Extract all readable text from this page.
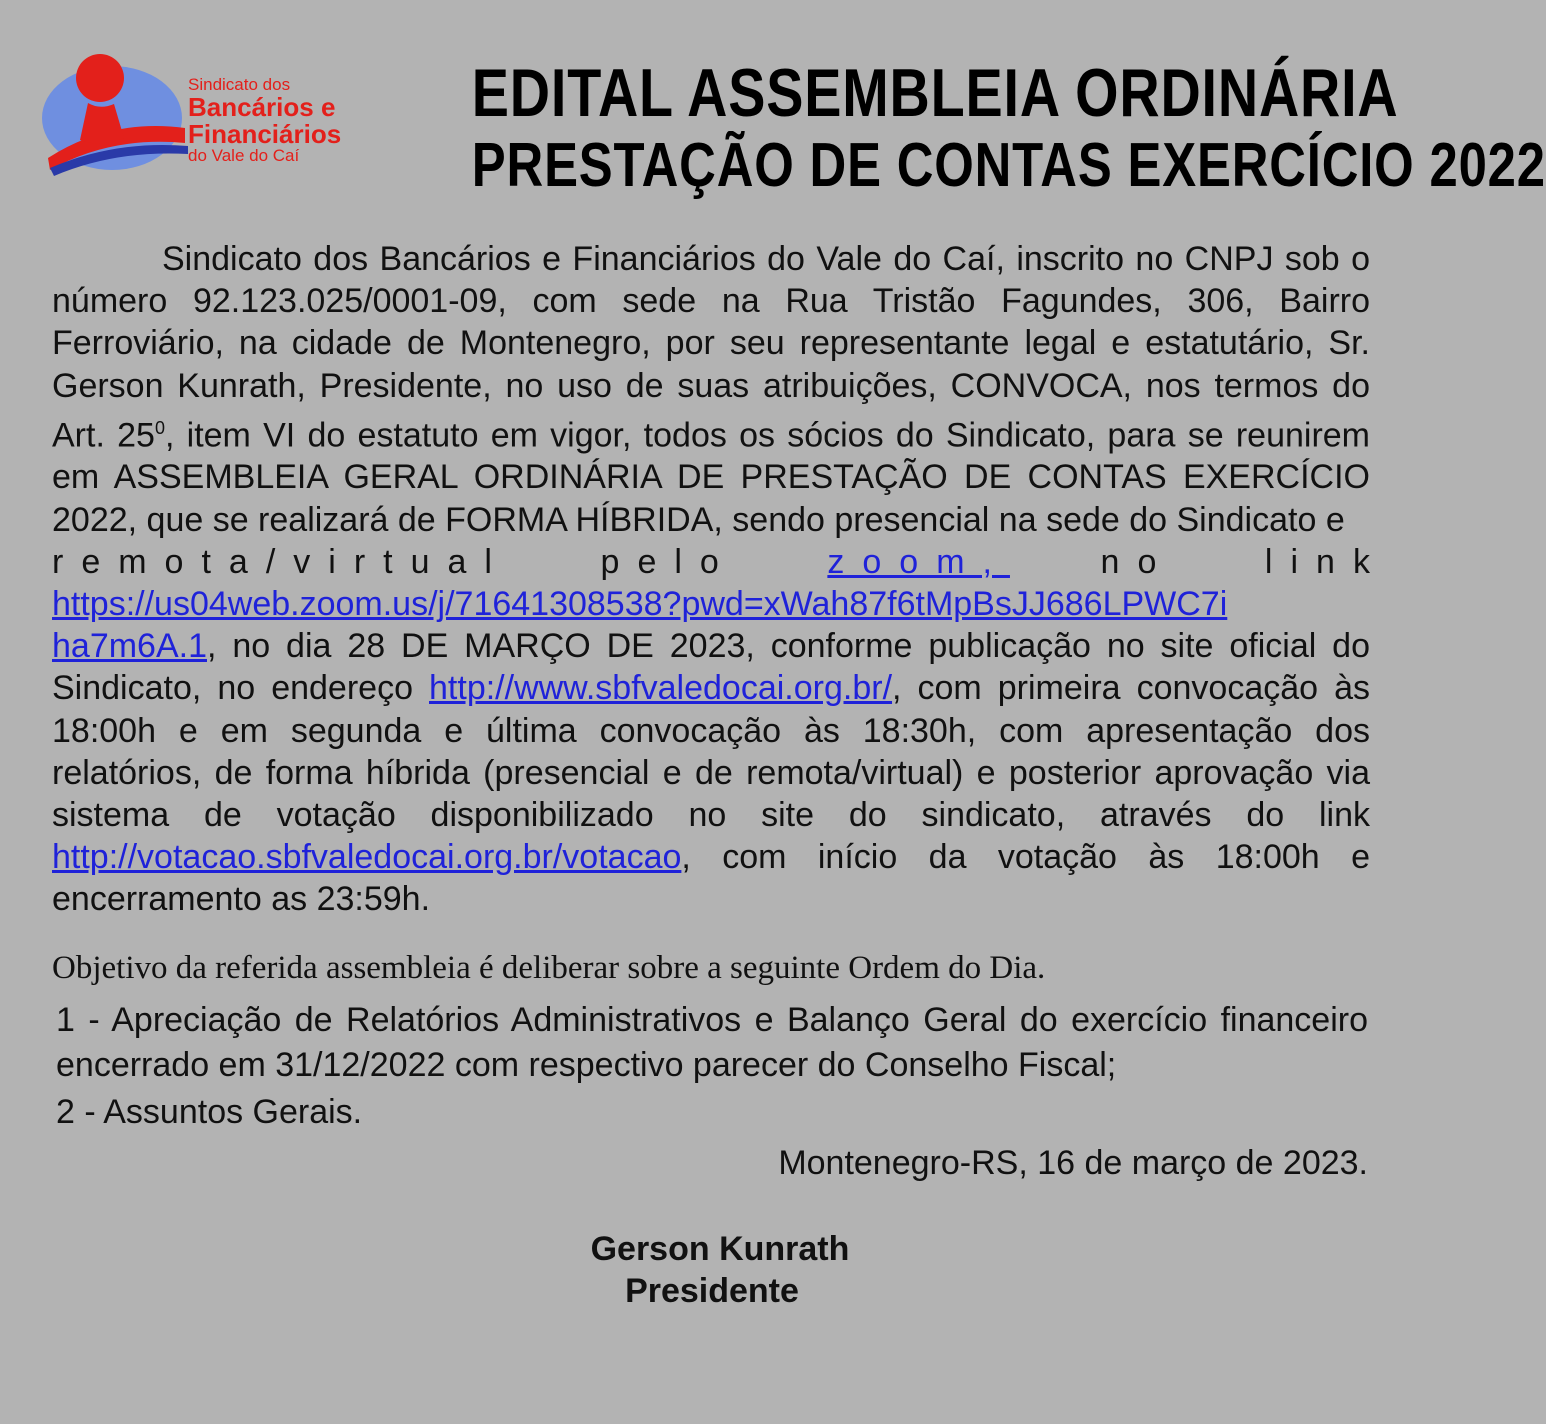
Sindicato dos
Bancários e
Financiários
do Vale do Caí
EDITAL ASSEMBLEIA ORDINÁRIA
PRESTAÇÃO DE CONTAS EXERCÍCIO 2022

Sindicato dos Bancários e Financiários do Vale do Caí, inscrito no CNPJ sob o número 92.123.025/0001-09, com sede na Rua Tristão Fagundes, 306, Bairro Ferroviário, na cidade de Montenegro, por seu representante legal e estatutário, Sr. Gerson Kunrath, Presidente, no uso de suas atribuições, CONVOCA, nos termos do Art. $25^0$, item VI do estatuto em vigor, todos os sócios do Sindicato, para se reunirem em ASSEMBLEIA GERAL ORDINÁRIA DE PRESTAÇÃO DE CONTAS EXERCÍCIO 2022, que se realizará de FORMA HÍBRIDA, sendo presencial na sede do Sindicato e

remota/virtual	pelo	zoom,	no	link

https://us04web.zoom.us/j/71641308538?pwd=xWah87f6tMpBsJJ686LPWC7i
ha7m6A.1, no dia 28 DE MARÇO DE 2023, conforme publicação no site oficial do Sindicato, no endereço http://www.sbfvaledocai.org.br/, com primeira convocação às 18:00h e em segunda e última convocação às 18:30h, com apresentação dos relatórios, de forma híbrida (presencial e de remota/virtual) e posterior aprovação via sistema de votação disponibilizado no site do sindicato, através do link http://votacao.sbfvaledocai.org.br/votacao, com início da votação às 18:00h e encerramento as 23:59h.

Objetivo da referida assembleia é deliberar sobre a seguinte Ordem do Dia.
1 - Apreciação de Relatórios Administrativos e Balanço Geral do exercício financeiro encerrado em 31/12/2022 com respectivo parecer do Conselho Fiscal;
2 - Assuntos Gerais.
Montenegro-RS, 16 de março de 2023.
Gerson Kunrath
Presidente
